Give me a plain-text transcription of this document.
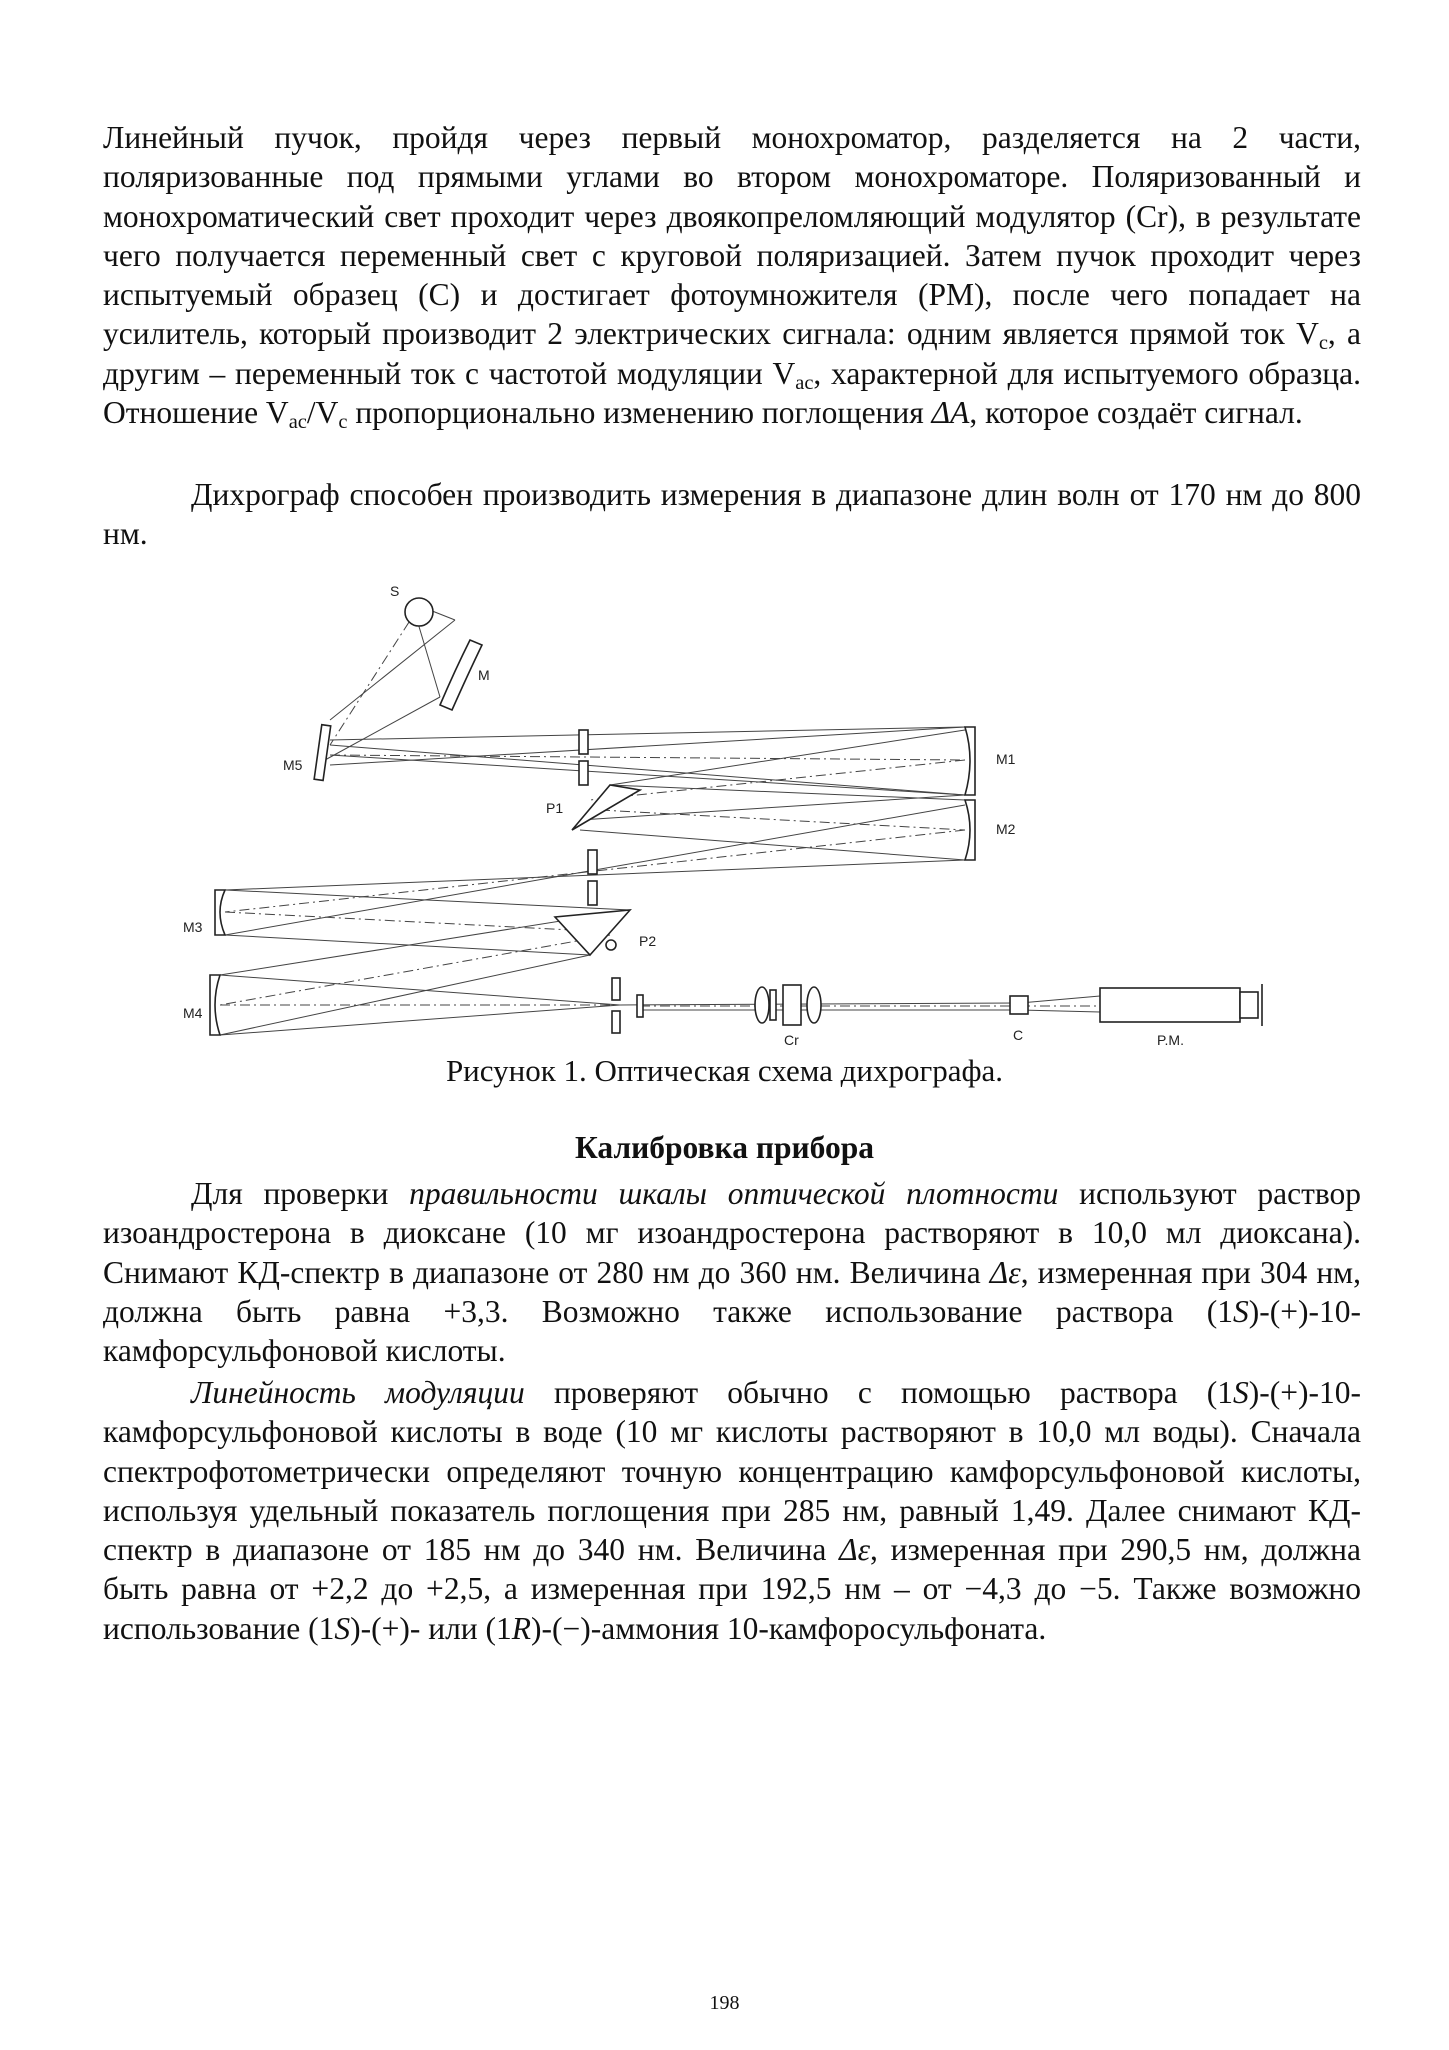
Линейный пучок, пройдя через первый монохроматор, разделяется на 2 части, поляризованные под прямыми углами во втором монохроматоре. Поляризованный и монохроматический свет проходит через двоякопреломляющий модулятор (Cr), в результате чего получается переменный свет с круговой поляризацией. Затем пучок проходит через испытуемый образец (C) и достигает фотоумножителя (PM), после чего попадает на усилитель, который производит 2 электрических сигнала: одним является прямой ток $V_c$, а другим – переменный ток с частотой модуляции $V_{ac}$, характерной для испытуемого образца. Отношение $V_{ac}/V_c$ пропорционально изменению поглощения ΔA, которое создаёт сигнал.

Дихрограф способен производить измерения в диапазоне длин волн от 170 нм до 800 нм.

S
M
M5	M1
P1
M2
M3
P2
M4
Cr	C	P.M.

Рисунок 1. Оптическая схема дихрографа.

Калибровка прибора

Для проверки правильности шкалы оптической плотности используют раствор изоандростерона в диоксане (10 мг изоандростерона растворяют в 10,0 мл диоксана). Снимают КД-спектр в диапазоне от 280 нм до 360 нм. Величина Δε, измеренная при 304 нм, должна быть равна +3,3. Возможно также использование раствора (1S)-(+)-10-камфорсульфоновой кислоты.

Линейность модуляции проверяют обычно с помощью раствора (1S)-(+)-10-камфорсульфоновой кислоты в воде (10 мг кислоты растворяют в 10,0 мл воды). Сначала спектрофотометрически определяют точную концентрацию камфорсульфоновой кислоты, используя удельный показатель поглощения при 285 нм, равный 1,49. Далее снимают КД-спектр в диапазоне от 185 нм до 340 нм. Величина Δε, измеренная при 290,5 нм, должна быть равна от +2,2 до +2,5, а измеренная при 192,5 нм – от −4,3 до −5. Также возможно использование (1S)-(+)- или (1R)-(−)-аммония 10-камфоросульфоната.

198
